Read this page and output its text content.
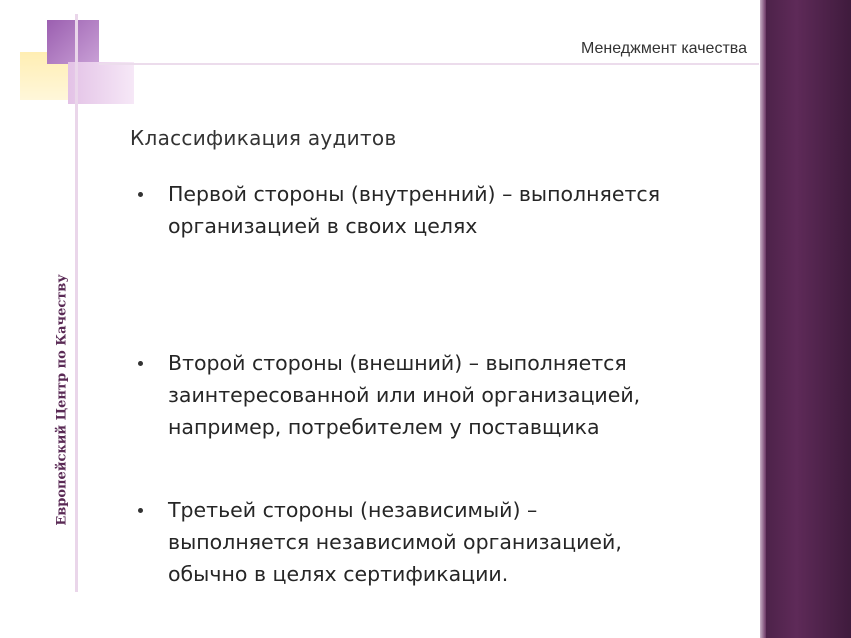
Менеджмент качества
Европейский Центр по Качеству
Классификация аудитов
Первой стороны (внутренний) – выполняется
организацией в своих целях
Второй стороны (внешний) – выполняется
заинтересованной или иной организацией,
например, потребителем у поставщика
Третьей стороны (независимый) –
выполняется независимой организацией,
обычно в целях сертификации.
